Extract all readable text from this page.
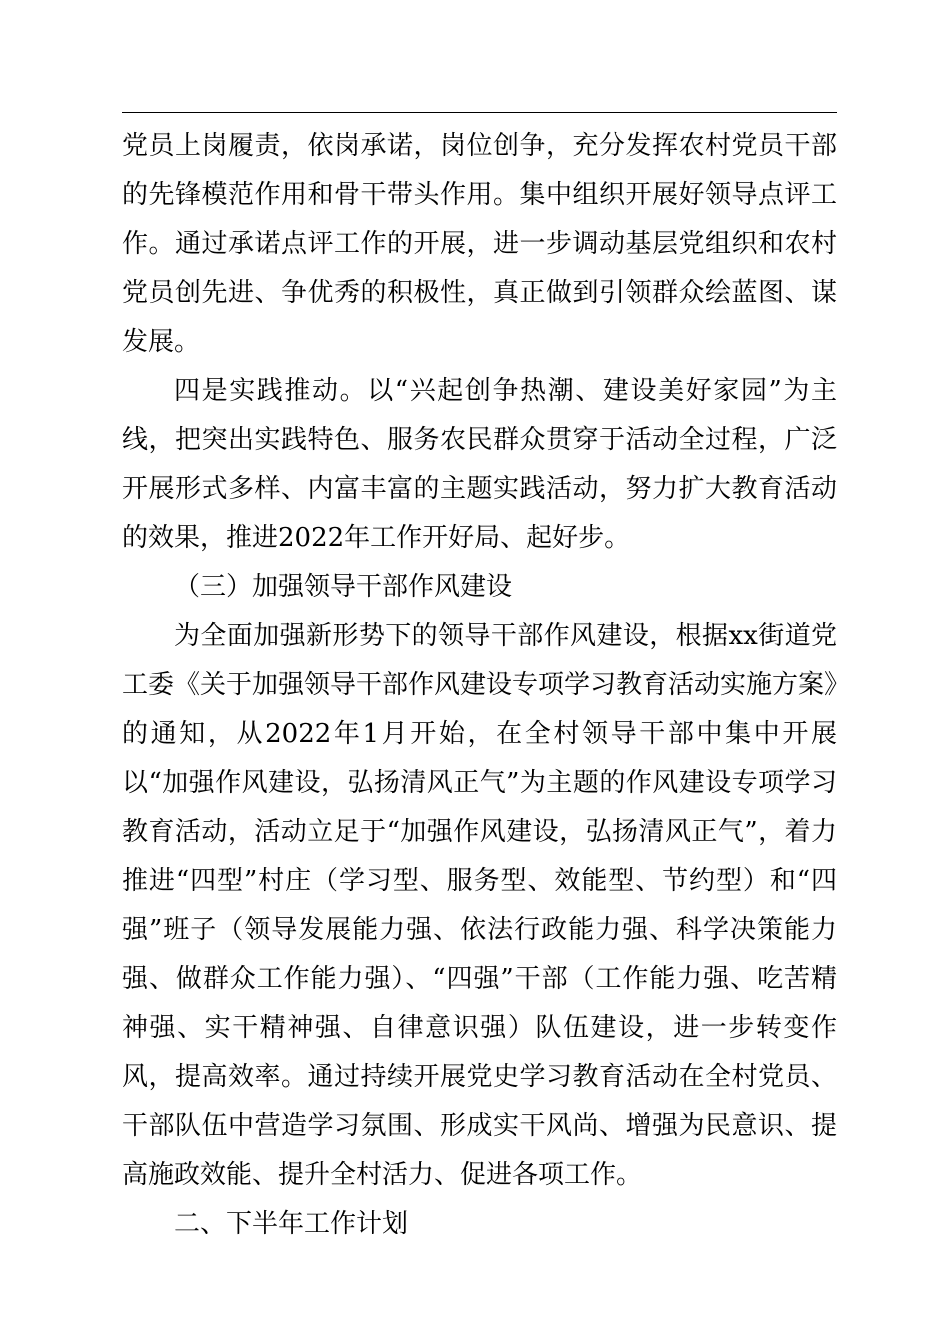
党员上岗履责，依岗承诺，岗位创争，充分发挥农村党员干部的先锋模范作用和骨干带头作用。集中组织开展好领导点评工作。通过承诺点评工作的开展，进一步调动基层党组织和农村党员创先进、争优秀的积极性，真正做到引领群众绘蓝图、谋发展。

四是实践推动。以“兴起创争热潮、建设美好家园”为主线，把突出实践特色、服务农民群众贯穿于活动全过程，广泛开展形式多样、内富丰富的主题实践活动，努力扩大教育活动的效果，推进2022年工作开好局、起好步。

（三）加强领导干部作风建设

为全面加强新形势下的领导干部作风建设，根据xx街道党工委《关于加强领导干部作风建设专项学习教育活动实施方案》的通知，从2022年1月开始，在全村领导干部中集中开展以“加强作风建设，弘扬清风正气”为主题的作风建设专项学习教育活动，活动立足于“加强作风建设，弘扬清风正气”，着力推进“四型”村庄（学习型、服务型、效能型、节约型）和“四强”班子（领导发展能力强、依法行政能力强、科学决策能力强、做群众工作能力强）、“四强”干部（工作能力强、吃苦精神强、实干精神强、自律意识强）队伍建设，进一步转变作风，提高效率。通过持续开展党史学习教育活动在全村党员、干部队伍中营造学习氛围、形成实干风尚、增强为民意识、提高施政效能、提升全村活力、促进各项工作。

二、下半年工作计划
